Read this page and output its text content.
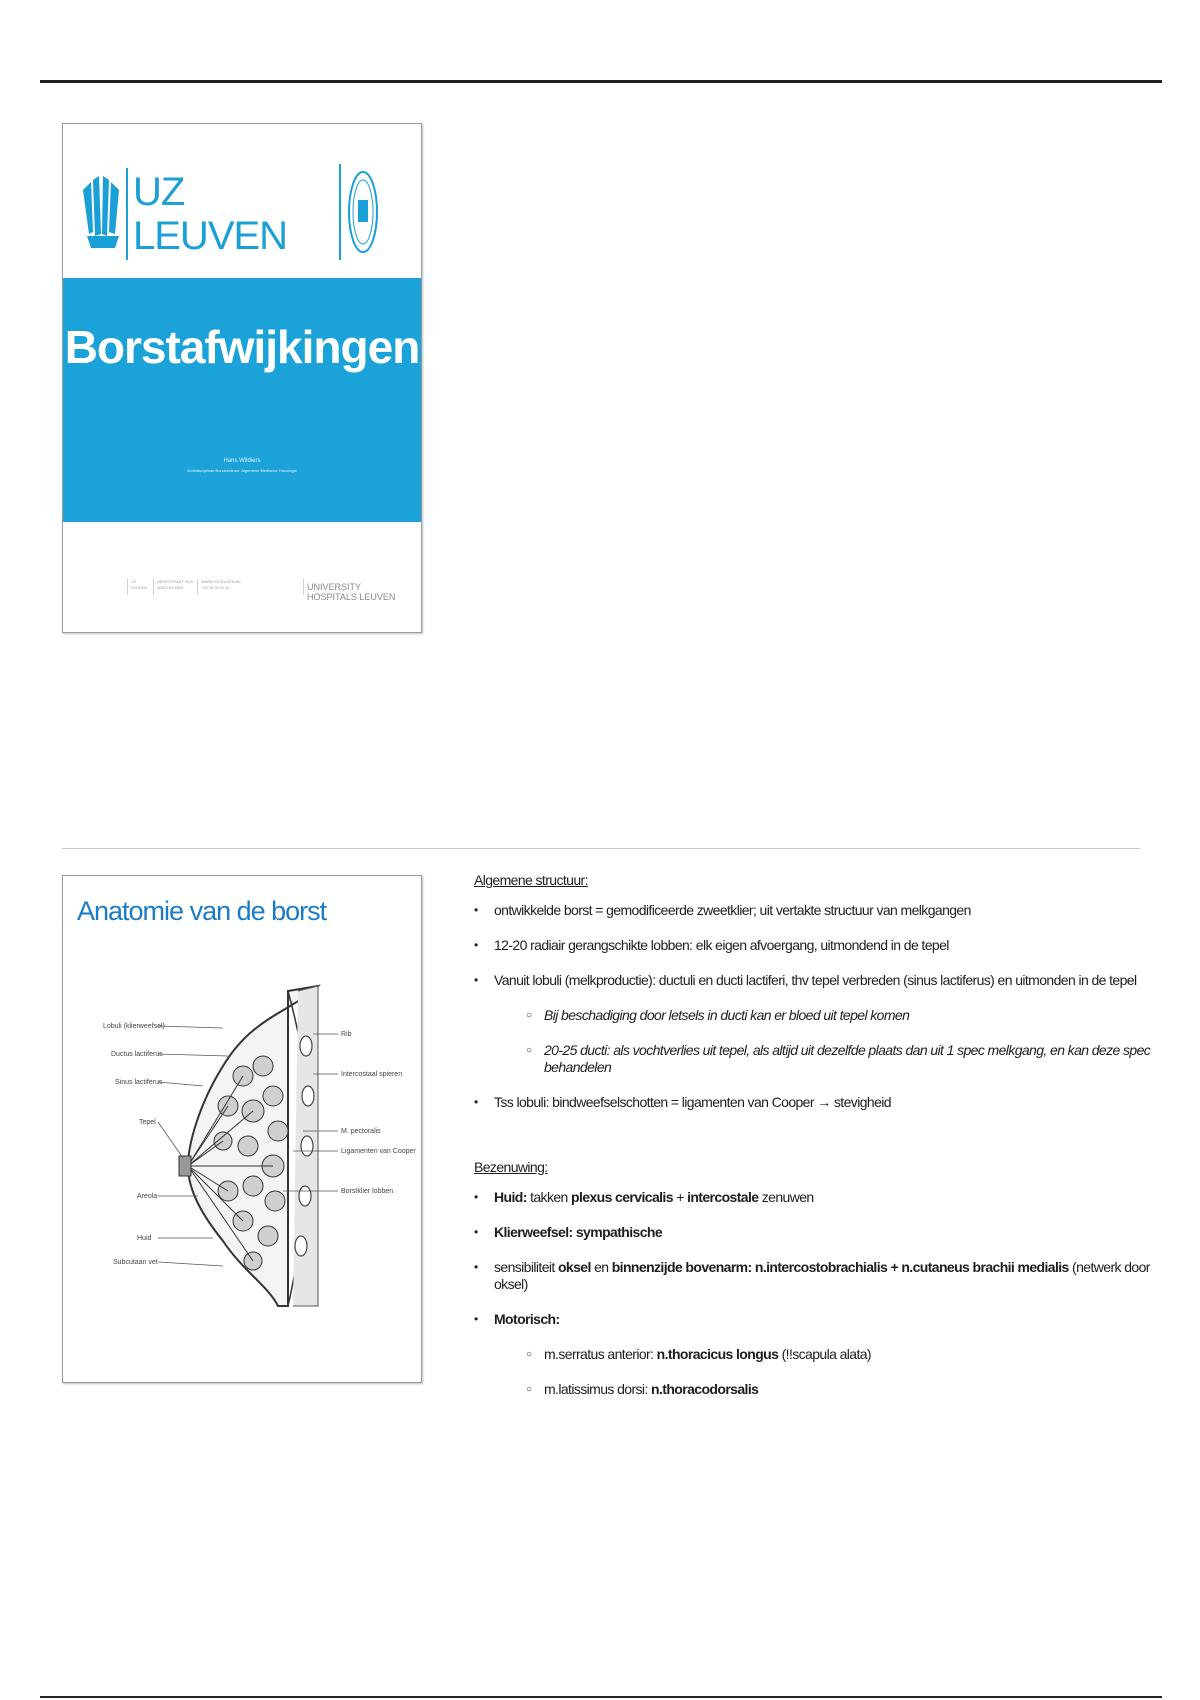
UZ
LEUVEN
Borstafwijkingen
Hans Wildiers
Multidisciplinair Borstcentrum, Algemene Medische Oncologie
UZ LEUVEN
HERESTRAAT 49 B 3000 LEUVEN
WWW.UZLEUVEN.BE +32 16 33 22 11	UNIVERSITY HOSPITALS LEUVEN
Anatomie van de borst
Lobuli (klierweefsel)
Ductus lactiferus
Sinus lactiferus
Tepel
Areola
Huid
Subcutaan vet
Rib
Intercostaal spieren
M. pectoralis
Ligamenten van Cooper
Borstklier lobben
Algemene structuur:
• ontwikkelde borst = gemodificeerde zweetklier; uit vertakte structuur van melkgangen
• 12-20 radiair gerangschikte lobben: elk eigen afvoergang, uitmondend in de tepel
• Vanuit lobuli (melkproductie): ductuli en ducti lactiferi, thv tepel verbreden (sinus lactiferus) en uitmonden in de tepel
○ Bij beschadiging door letsels in ducti kan er bloed uit tepel komen
○ 20-25 ducti: als vochtverlies uit tepel, als altijd uit dezelfde plaats dan uit 1 spec melkgang, en kan deze spec behandelen
• Tss lobuli: bindweefselschotten = ligamenten van Cooper → stevigheid
Bezenuwing:
• Huid: takken plexus cervicalis + intercostale zenuwen
• Klierweefsel: sympathische
• sensibiliteit oksel en binnenzijde bovenarm: n.intercostobrachialis + n.cutaneus brachii medialis (netwerk door oksel)
• Motorisch:
○ m.serratus anterior: n.thoracicus longus (!!scapula alata)
○ m.latissimus dorsi: n.thoracodorsalis
